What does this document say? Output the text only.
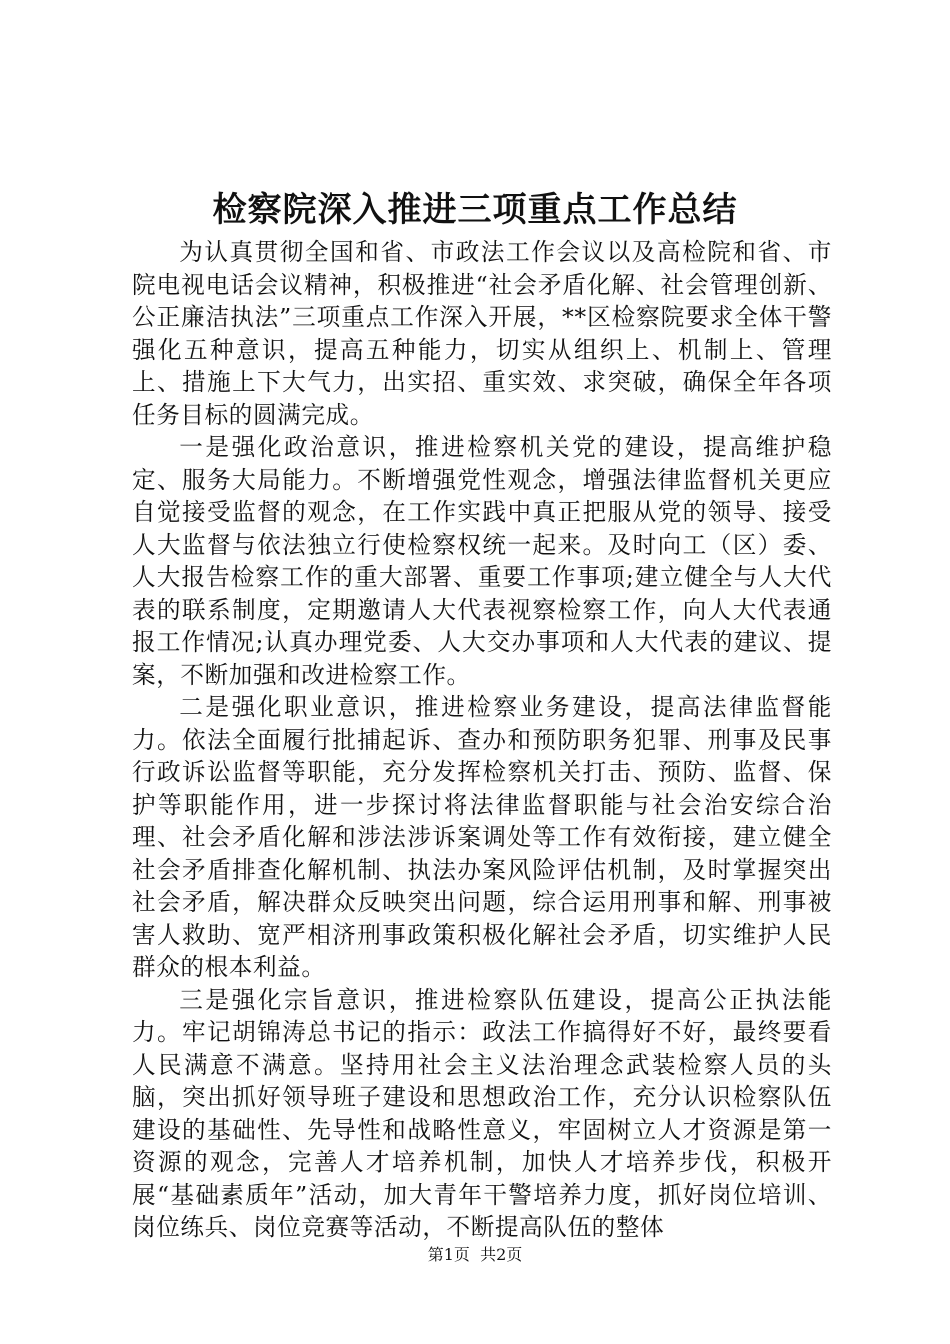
检察院深入推进三项重点工作总结

为认真贯彻全国和省、市政法工作会议以及高检院和省、市院电视电话会议精神，积极推进“社会矛盾化解、社会管理创新、公正廉洁执法”三项重点工作深入开展，**区检察院要求全体干警强化五种意识，提高五种能力，切实从组织上、机制上、管理上、措施上下大气力，出实招、重实效、求突破，确保全年各项任务目标的圆满完成。

一是强化政治意识，推进检察机关党的建设，提高维护稳定、服务大局能力。不断增强党性观念，增强法律监督机关更应自觉接受监督的观念，在工作实践中真正把服从党的领导、接受人大监督与依法独立行使检察权统一起来。及时向工（区）委、人大报告检察工作的重大部署、重要工作事项;建立健全与人大代表的联系制度，定期邀请人大代表视察检察工作，向人大代表通报工作情况;认真办理党委、人大交办事项和人大代表的建议、提案，不断加强和改进检察工作。

二是强化职业意识，推进检察业务建设，提高法律监督能力。依法全面履行批捕起诉、查办和预防职务犯罪、刑事及民事行政诉讼监督等职能，充分发挥检察机关打击、预防、监督、保护等职能作用，进一步探讨将法律监督职能与社会治安综合治理、社会矛盾化解和涉法涉诉案调处等工作有效衔接，建立健全社会矛盾排查化解机制、执法办案风险评估机制，及时掌握突出社会矛盾，解决群众反映突出问题，综合运用刑事和解、刑事被害人救助、宽严相济刑事政策积极化解社会矛盾，切实维护人民群众的根本利益。

三是强化宗旨意识，推进检察队伍建设，提高公正执法能力。牢记胡锦涛总书记的指示：政法工作搞得好不好，最终要看人民满意不满意。坚持用社会主义法治理念武装检察人员的头脑，突出抓好领导班子建设和思想政治工作，充分认识检察队伍建设的基础性、先导性和战略性意义，牢固树立人才资源是第一资源的观念，完善人才培养机制，加快人才培养步伐，积极开展“基础素质年”活动，加大青年干警培养力度，抓好岗位培训、岗位练兵、岗位竞赛等活动，不断提高队伍的整体

第1页 共2页
